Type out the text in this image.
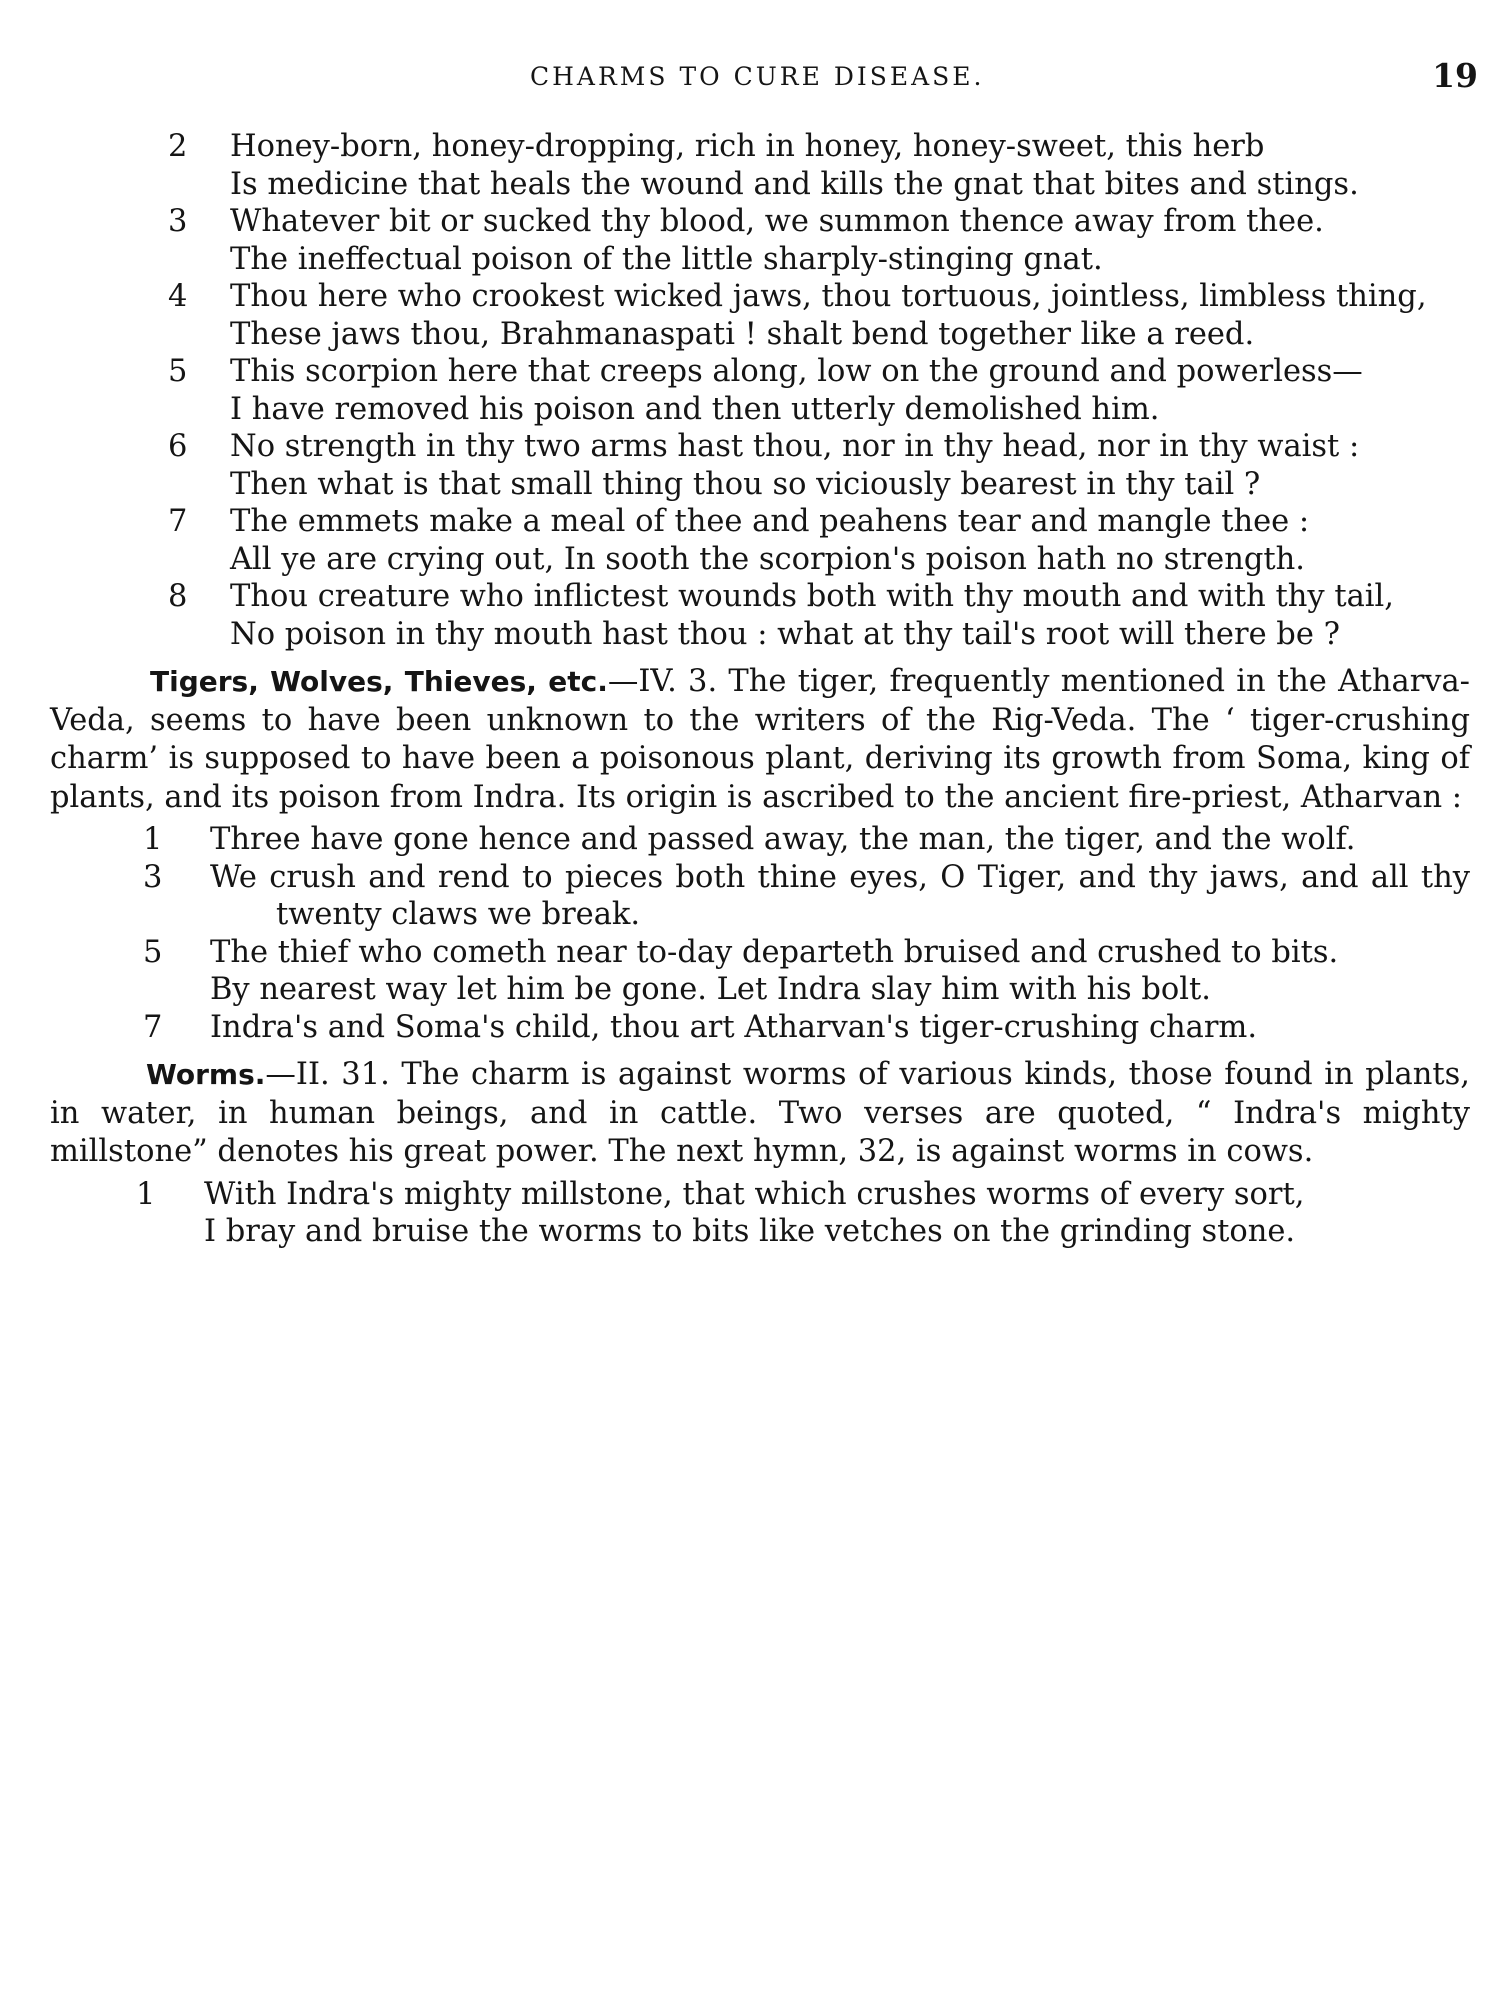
CHARMS TO CURE DISEASE.	19
2 Honey-born, honey-dropping, rich in honey, honey-sweet, this herb
Is medicine that heals the wound and kills the gnat that bites and stings.
3 Whatever bit or sucked thy blood, we summon thence away from thee.
The ineffectual poison of the little sharply-stinging gnat.
4 Thou here who crookest wicked jaws, thou tortuous, jointless, limbless thing,
These jaws thou, Brahmanaspati ! shalt bend together like a reed.
5 This scorpion here that creeps along, low on the ground and powerless—
I have removed his poison and then utterly demolished him.
6 No strength in thy two arms hast thou, nor in thy head, nor in thy waist :
Then what is that small thing thou so viciously bearest in thy tail ?
7 The emmets make a meal of thee and peahens tear and mangle thee :
All ye are crying out, In sooth the scorpion's poison hath no strength.
8 Thou creature who inflictest wounds both with thy mouth and with thy tail,
No poison in thy mouth hast thou : what at thy tail's root will there be ?

Tigers, Wolves, Thieves, etc.—IV. 3. The tiger, frequently mentioned in the Atharva-Veda, seems to have been unknown to the writers of the Rig-Veda. The ‘ tiger-crushing charm’ is supposed to have been a poisonous plant, deriving its growth from Soma, king of plants, and its poison from Indra. Its origin is ascribed to the ancient fire-priest, Atharvan :

1 Three have gone hence and passed away, the man, the tiger, and the wolf.
3 We crush and rend to pieces both thine eyes, O Tiger, and thy jaws, and all thy twenty claws we break.
5 The thief who cometh near to-day departeth bruised and crushed to bits.
By nearest way let him be gone. Let Indra slay him with his bolt.
7 Indra's and Soma's child, thou art Atharvan's tiger-crushing charm.

Worms.—II. 31. The charm is against worms of various kinds, those found in plants, in water, in human beings, and in cattle. Two verses are quoted, “ Indra's mighty millstone” denotes his great power. The next hymn, 32, is against worms in cows.

1 With Indra's mighty millstone, that which crushes worms of every sort,
I bray and bruise the worms to bits like vetches on the grinding stone.
